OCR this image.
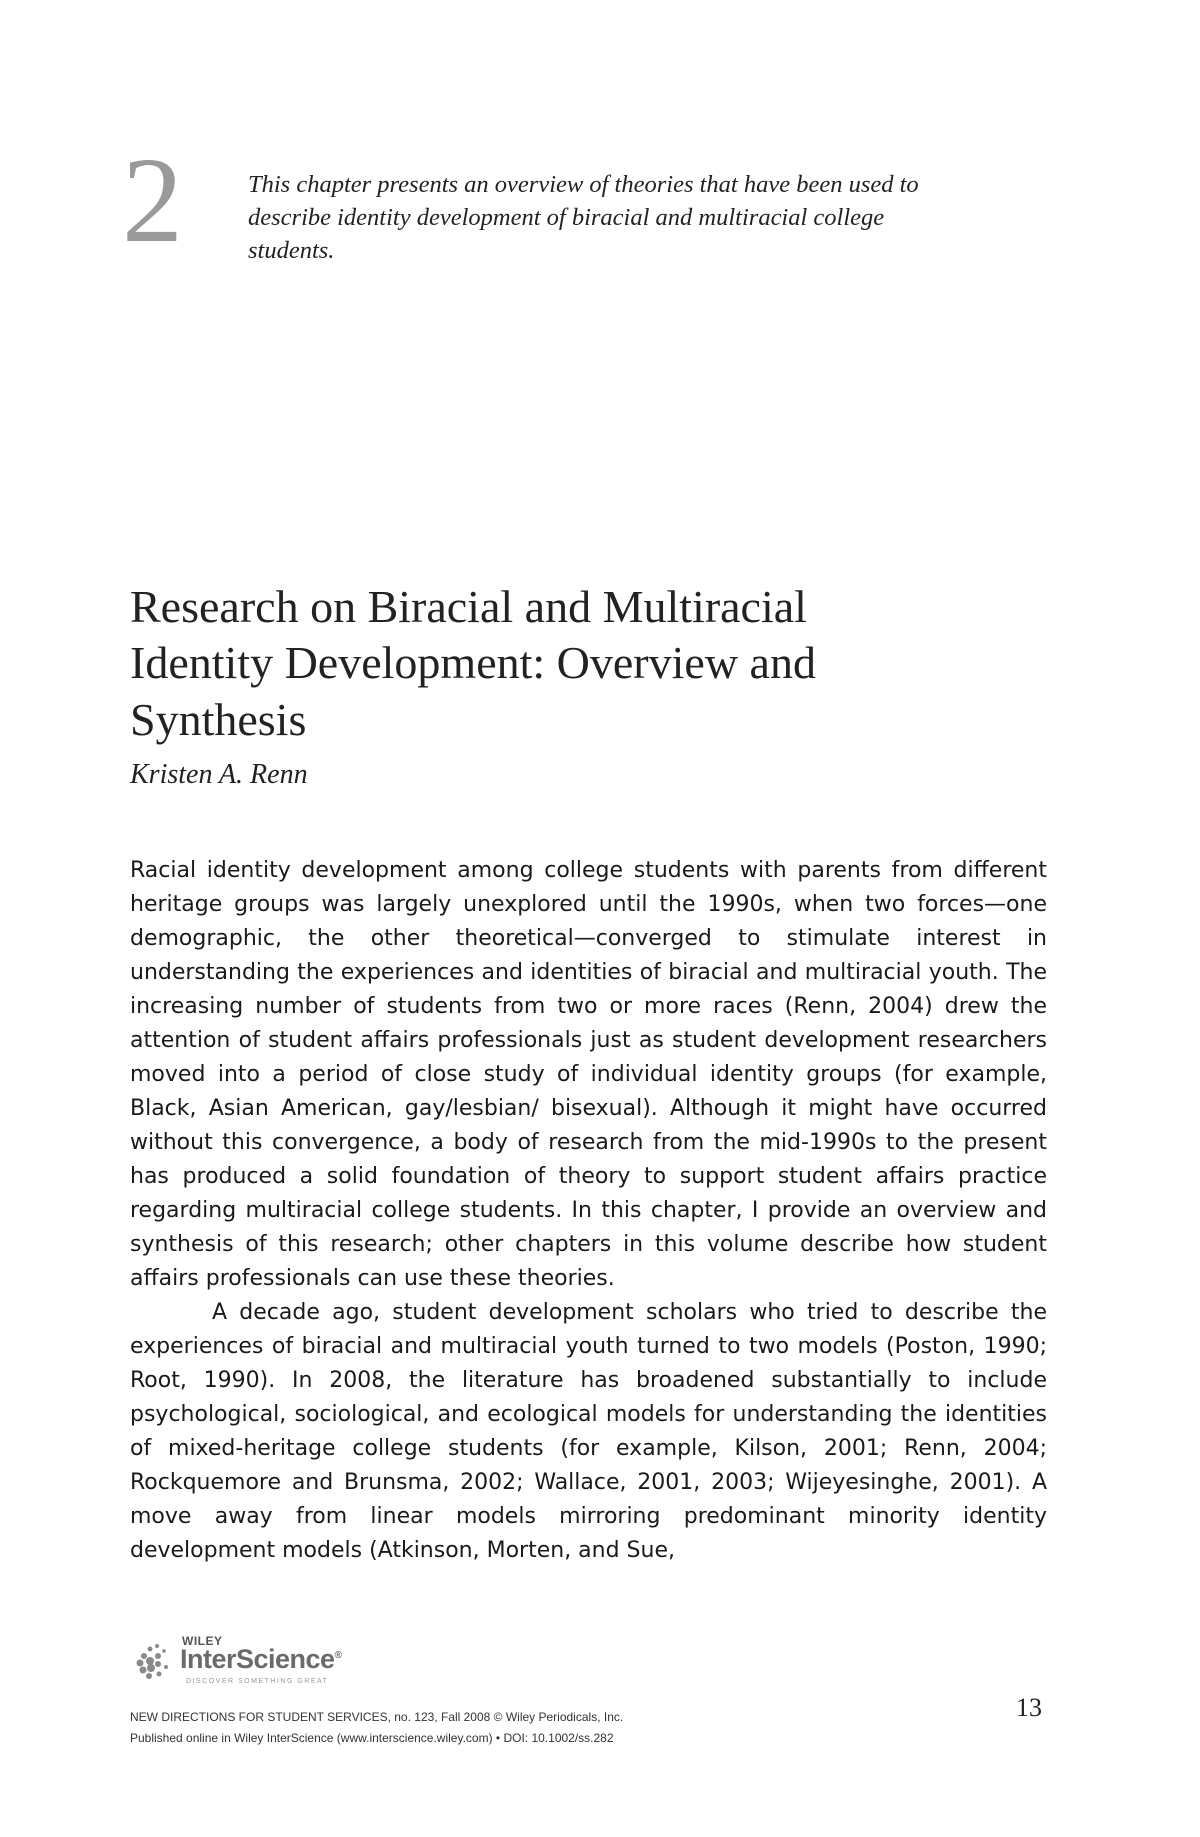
2	This chapter presents an overview of theories that have been used to describe identity development of biracial and multiracial college students.
Research on Biracial and Multiracial Identity Development: Overview and Synthesis
Kristen A. Renn

Racial identity development among college students with parents from different heritage groups was largely unexplored until the 1990s, when two forces—one demographic, the other theoretical—converged to stimulate interest in understanding the experiences and identities of biracial and multiracial youth. The increasing number of students from two or more races (Renn, 2004) drew the attention of student affairs professionals just as student development researchers moved into a period of close study of individual identity groups (for example, Black, Asian American, gay/lesbian/ bisexual). Although it might have occurred without this convergence, a body of research from the mid-1990s to the present has produced a solid foundation of theory to support student affairs practice regarding multiracial college students. In this chapter, I provide an overview and synthesis of this research; other chapters in this volume describe how student affairs professionals can use these theories.

A decade ago, student development scholars who tried to describe the experiences of biracial and multiracial youth turned to two models (Poston, 1990; Root, 1990). In 2008, the literature has broadened substantially to include psychological, sociological, and ecological models for understanding the identities of mixed-heritage college students (for example, Kilson, 2001; Renn, 2004; Rockquemore and Brunsma, 2002; Wallace, 2001, 2003; Wijeyesinghe, 2001). A move away from linear models mirroring predominant minority identity development models (Atkinson, Morten, and Sue,

WILEY
InterScience®
DISCOVER SOMETHING GREAT
NEW DIRECTIONS FOR STUDENT SERVICES, no. 123, Fall 2008 © Wiley Periodicals, Inc.
Published online in Wiley InterScience (www.interscience.wiley.com) • DOI: 10.1002/ss.282
13
